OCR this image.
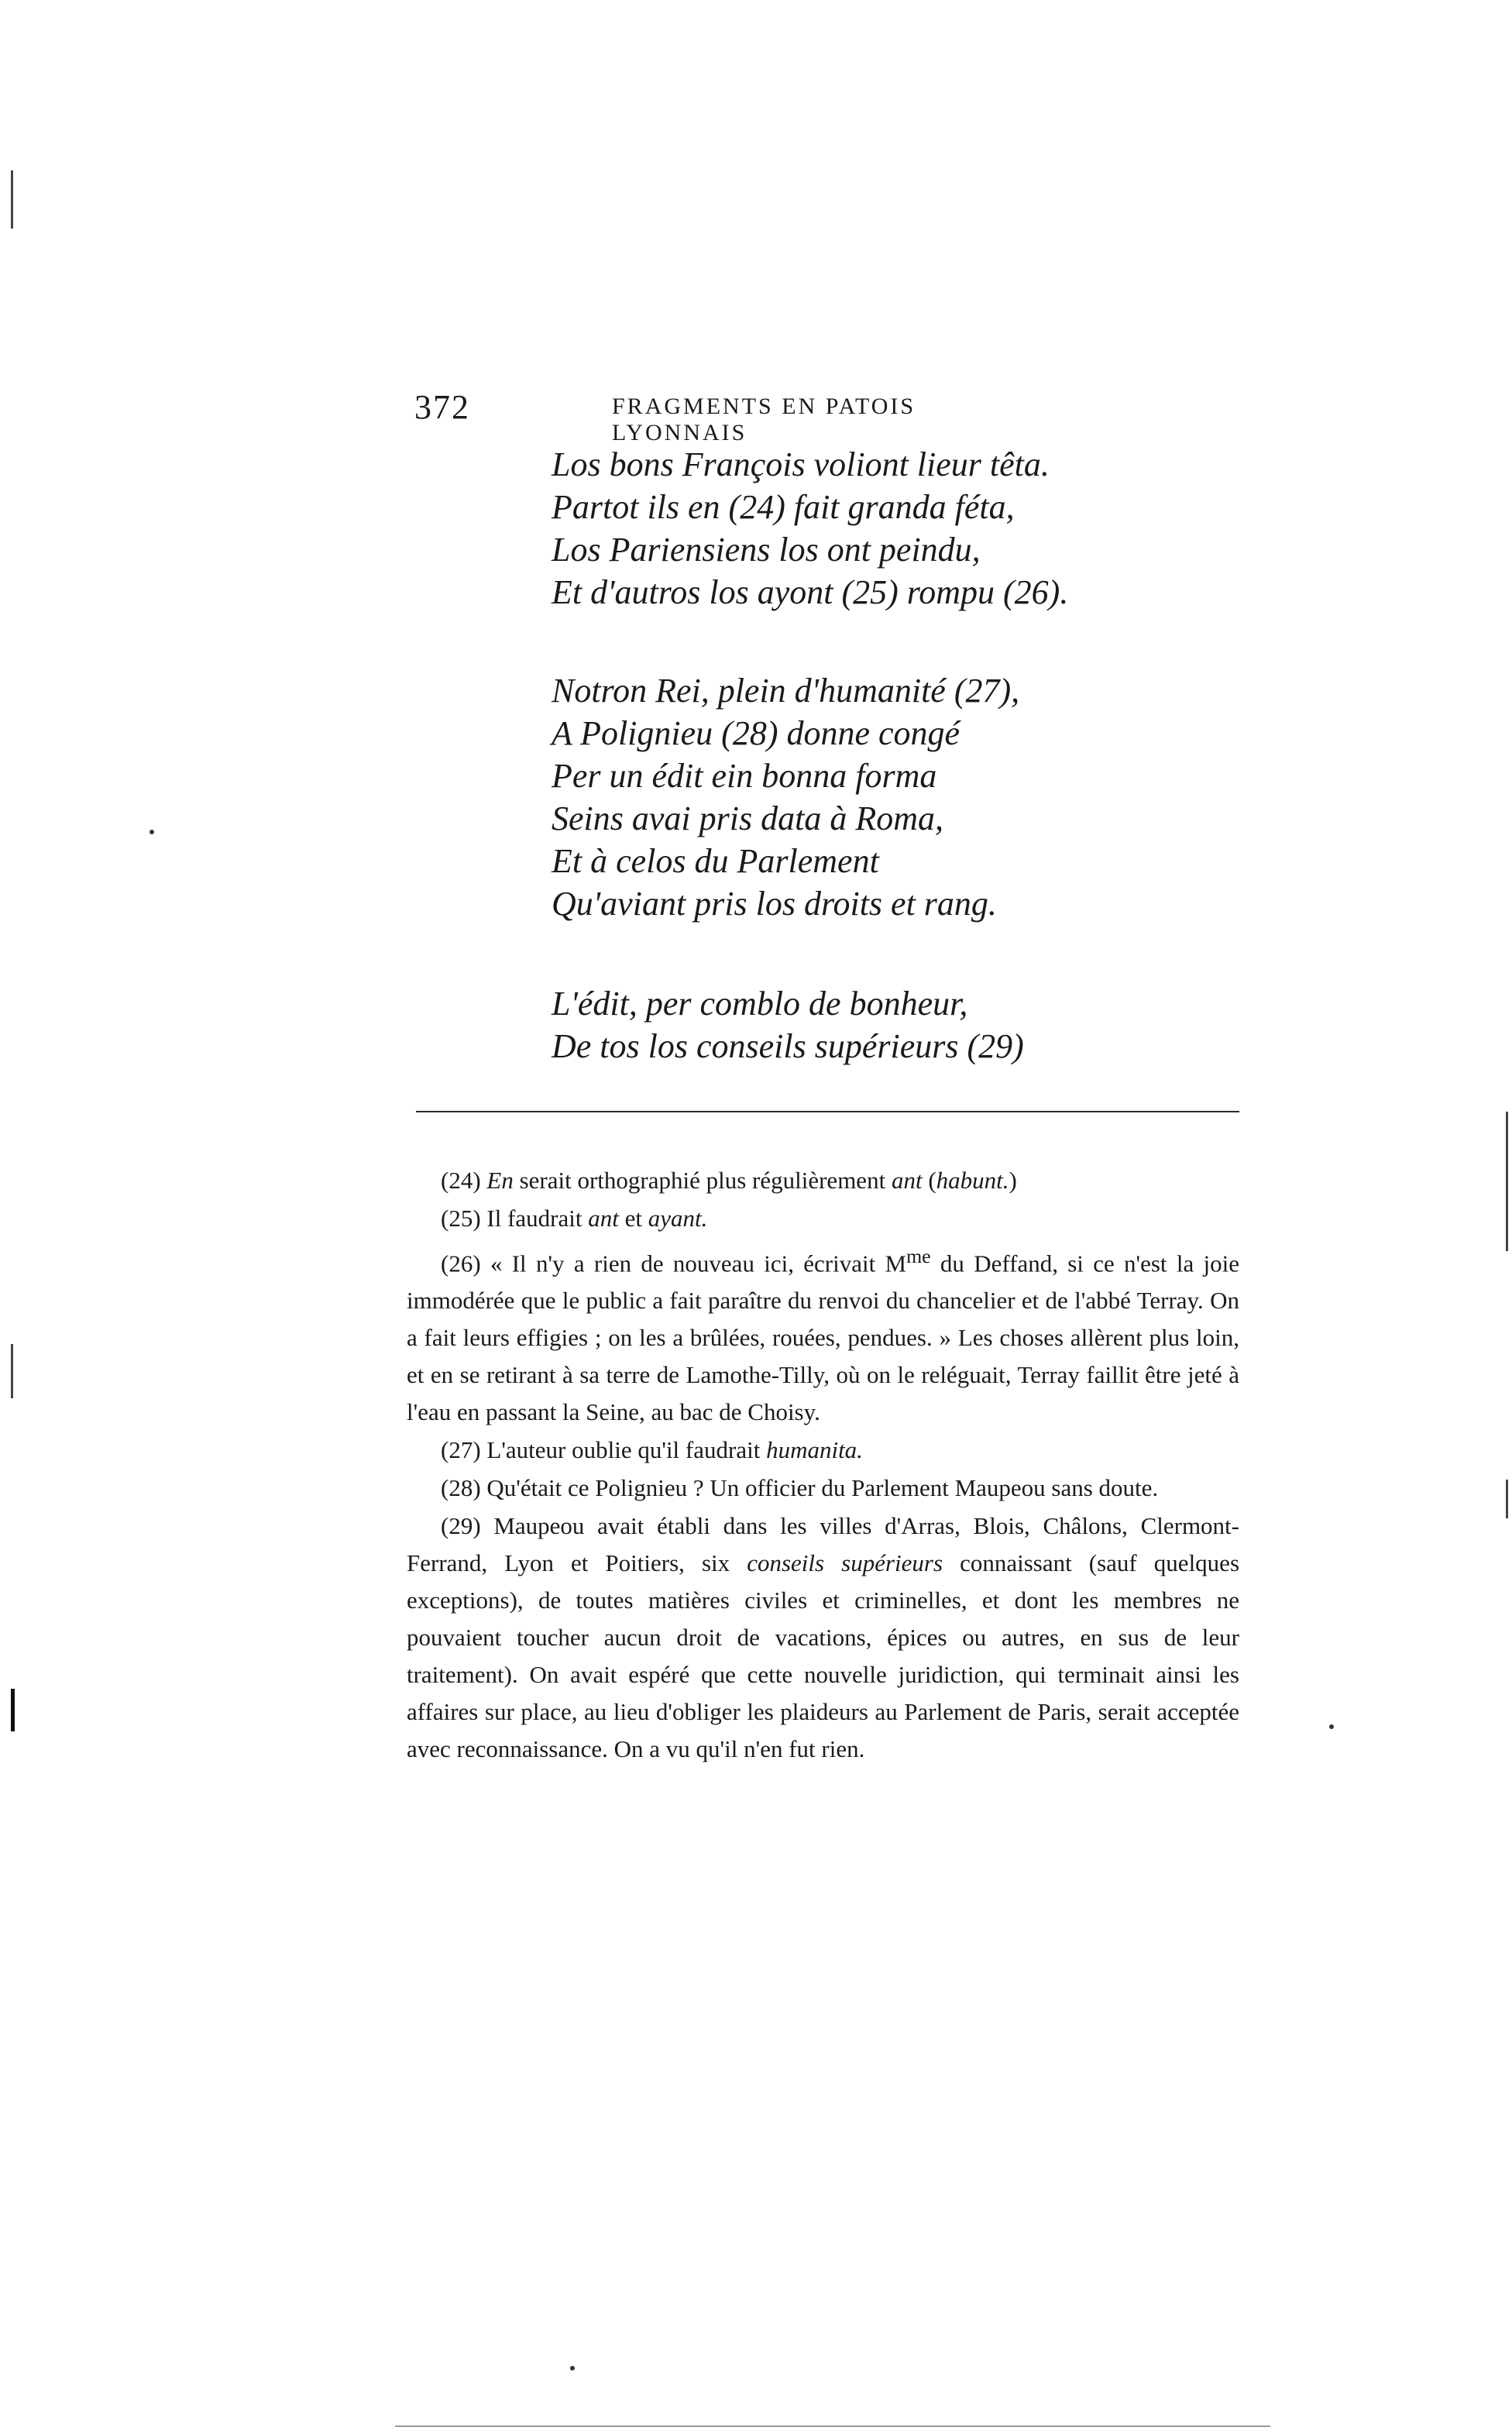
372	FRAGMENTS EN PATOIS LYONNAIS
Los bons François voliont lieur têta.
Partot ils en (24) fait granda féta,
Los Pariensiens los ont peindu,
Et d'autros los ayont (25) rompu (26).
Notron Rei, plein d'humanité (27),
A Polignieu (28) donne congé
Per un édit ein bonna forma
Seins avai pris data à Roma,
Et à celos du Parlement
Qu'aviant pris los droits et rang.
L'édit, per comblo de bonheur,
De tos los conseils supérieurs (29)

(24) En serait orthographié plus régulièrement ant (habunt.)

(25) Il faudrait ant et ayant.

(26) « Il n'y a rien de nouveau ici, écrivait $M^{me}$ du Deffand, si ce n'est la joie immodérée que le public a fait paraître du renvoi du chancelier et de l'abbé Terray. On a fait leurs effigies ; on les a brûlées, rouées, pendues. » Les choses allèrent plus loin, et en se retirant à sa terre de Lamothe-Tilly, où on le reléguait, Terray faillit être jeté à l'eau en passant la Seine, au bac de Choisy.

(27) L'auteur oublie qu'il faudrait humanita.

(28) Qu'était ce Polignieu ? Un officier du Parlement Maupeou sans doute.

(29) Maupeou avait établi dans les villes d'Arras, Blois, Châlons, Clermont-Ferrand, Lyon et Poitiers, six conseils supérieurs connaissant (sauf quelques exceptions), de toutes matières civiles et criminelles, et dont les membres ne pouvaient toucher aucun droit de vacations, épices ou autres, en sus de leur traitement). On avait espéré que cette nouvelle juridiction, qui terminait ainsi les affaires sur place, au lieu d'obliger les plaideurs au Parlement de Paris, serait acceptée avec reconnaissance. On a vu qu'il n'en fut rien.
